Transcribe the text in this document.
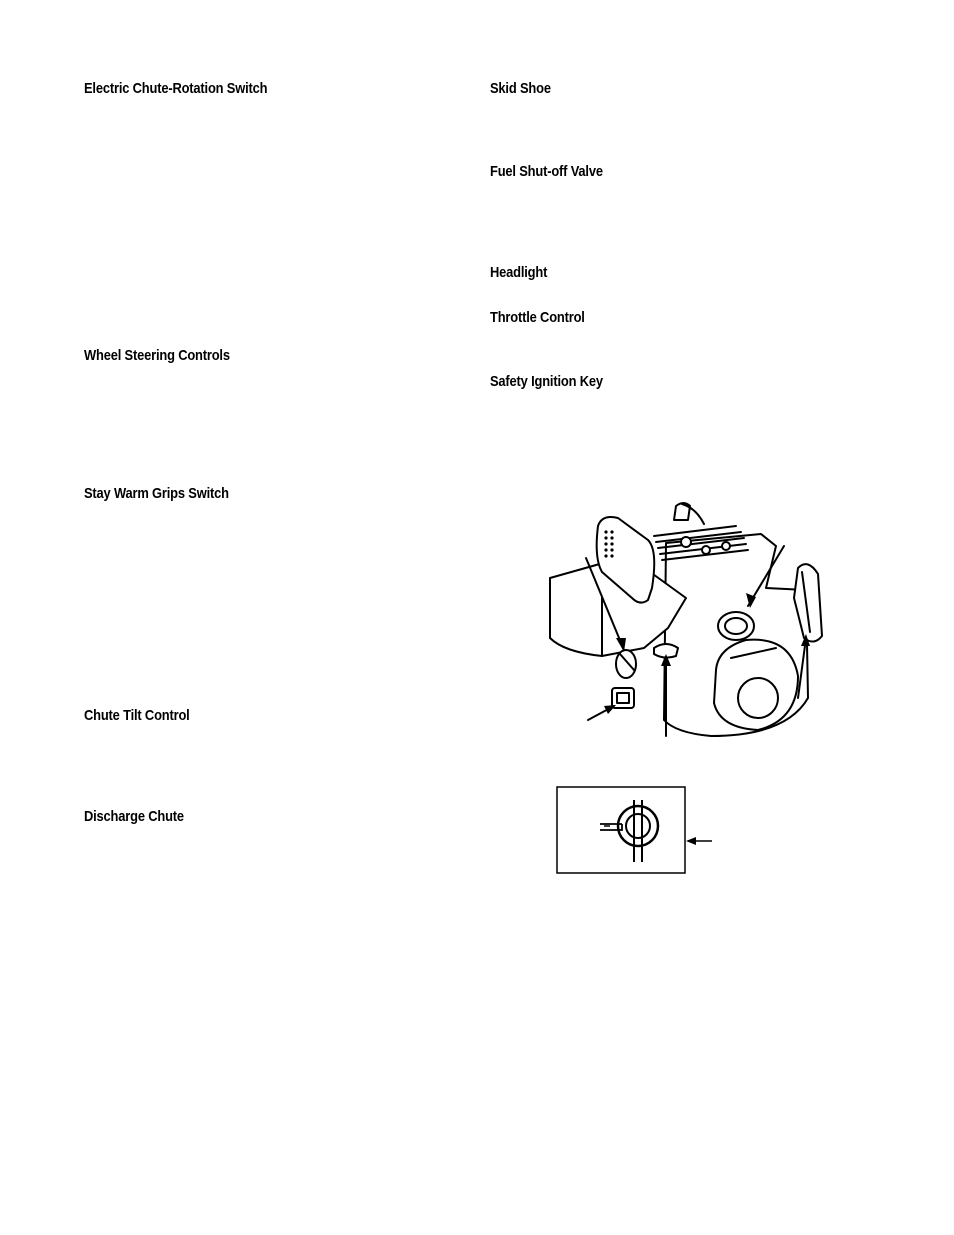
Electric Chute-Rotation Switch
Wheel Steering Controls
Stay Warm Grips Switch
Chute Tilt Control
Discharge Chute
Skid Shoe
Fuel Shut-off Valve
Headlight
Throttle Control
Safety Ignition Key
